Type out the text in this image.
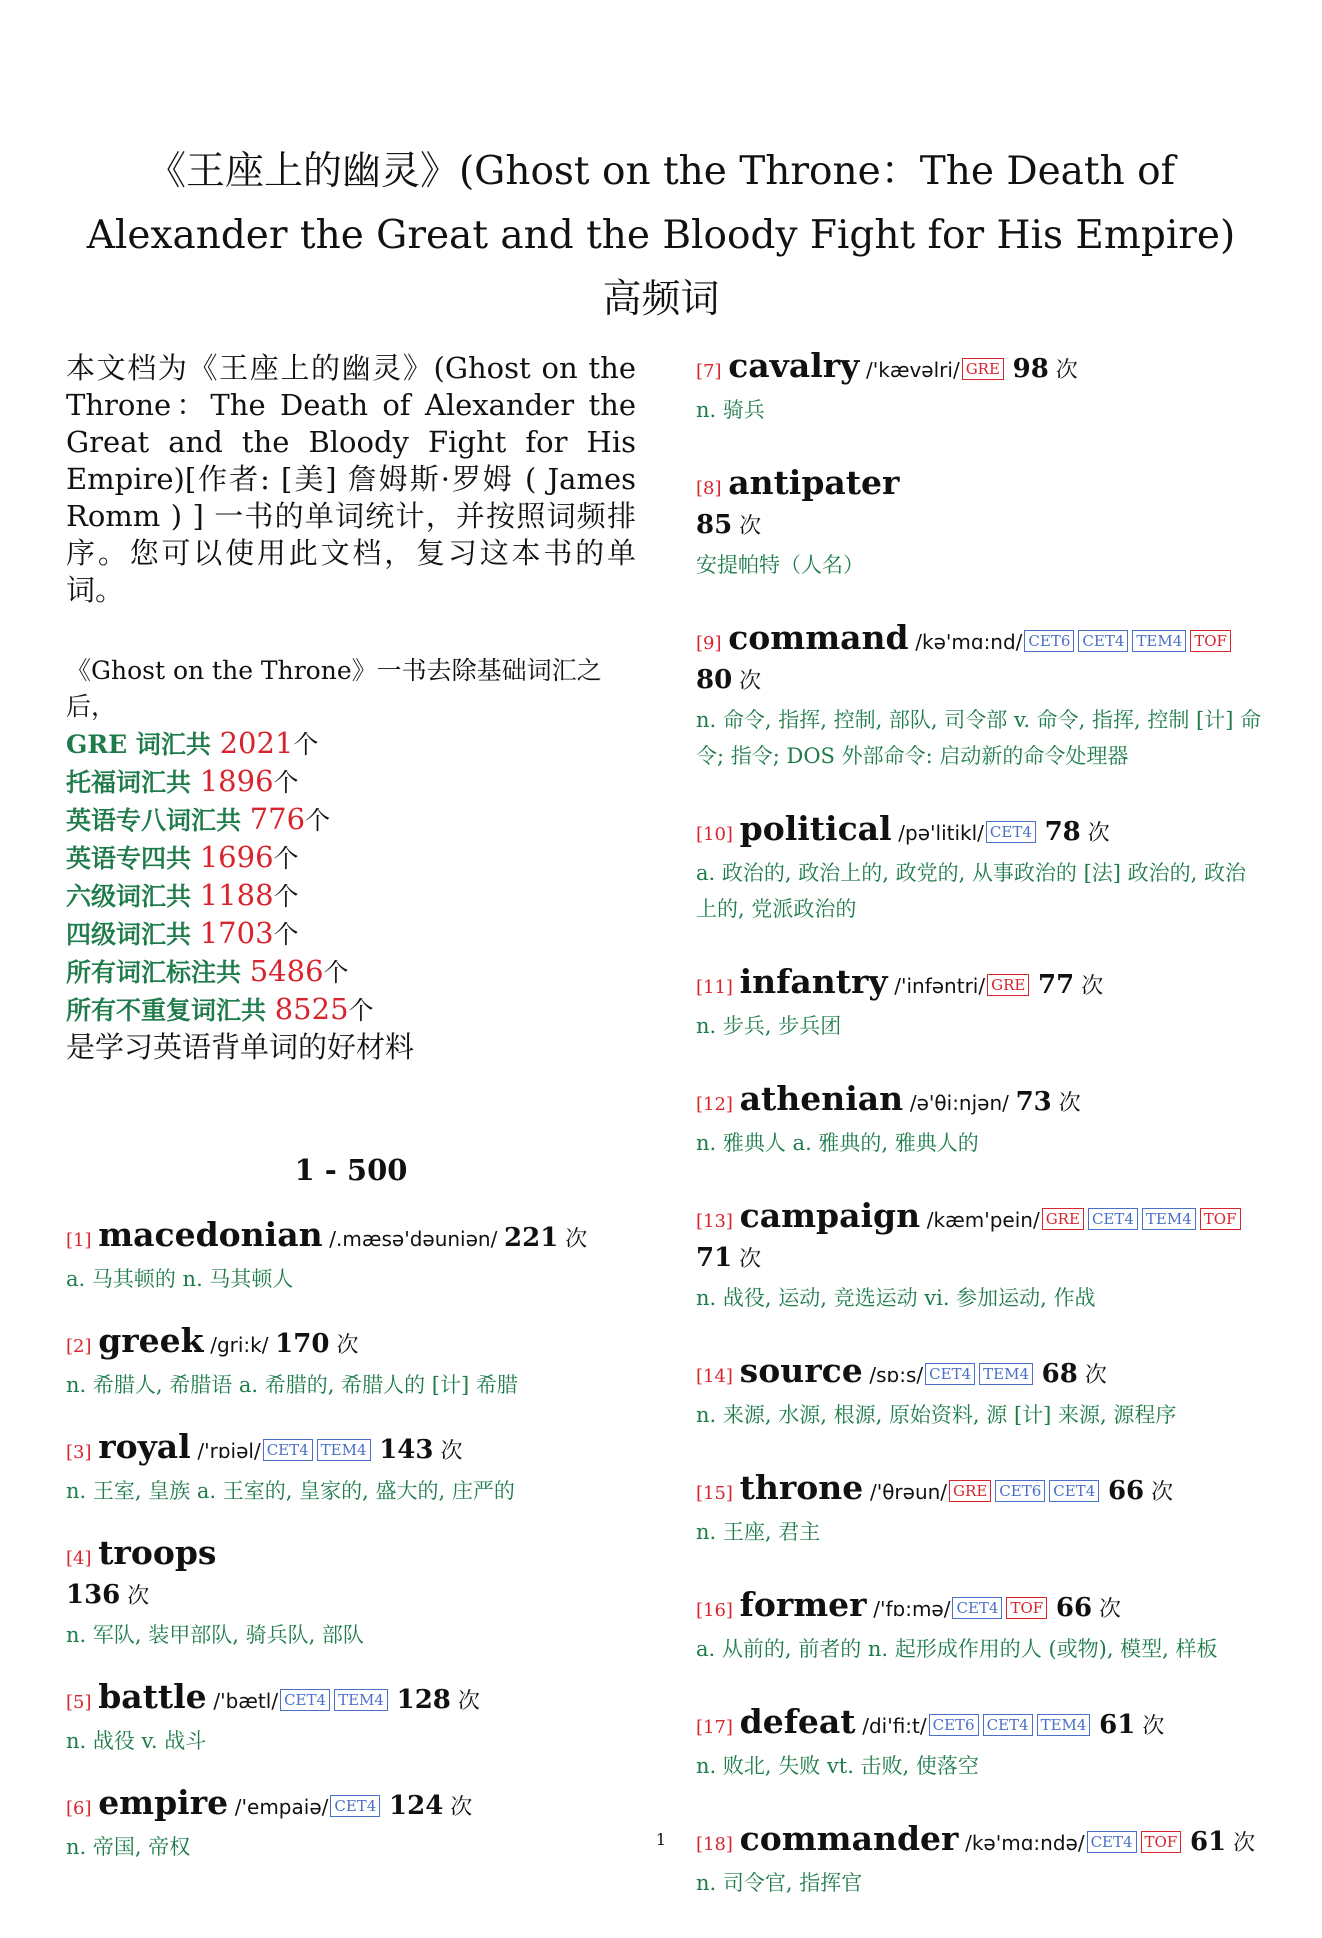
《王座上的幽灵》(Ghost on the Throne：The Death of Alexander the Great and the Bloody Fight for His Empire) 高频词
本文档为《王座上的幽灵》(Ghost on the Throne：The Death of Alexander the Great and the Bloody Fight for His Empire)[作者: [美] 詹姆斯·罗姆 ( James Romm ) ] 一书的单词统计，并按照词频排序。您可以使用此文档，复习这本书的单词。
《Ghost on the Throne》一书去除基础词汇之后，
GRE 词汇共 2021个
托福词汇共 1896个
英语专八词汇共 776个
英语专四共 1696个
六级词汇共 1188个
四级词汇共 1703个
所有词汇标注共 5486个
所有不重复词汇共 8525个
是学习英语背单词的好材料
1 - 500
[1] macedonian /.mæsə'dəuniən/ 221 次
a. 马其顿的 n. 马其顿人
[2] greek /gri:k/ 170 次
n. 希腊人, 希腊语 a. 希腊的, 希腊人的 [计] 希腊
[3] royal /'rɒiəl/ CET4 TEM4 143 次
n. 王室, 皇族 a. 王室的, 皇家的, 盛大的, 庄严的
[4] troops
136 次
n. 军队, 装甲部队, 骑兵队, 部队
[5] battle /'bætl/ CET4 TEM4 128 次
n. 战役 v. 战斗
[6] empire /'empaiə/ CET4 124 次
n. 帝国, 帝权
[7] cavalry /'kævəlri/ GRE 98 次
n. 骑兵
[8] antipater
85 次
安提帕特（人名）
[9] command /kə'mɑ:nd/ CET6 CET4 TEM4 TOF 80 次
n. 命令, 指挥, 控制, 部队, 司令部 v. 命令, 指挥, 控制 [计] 命令; 指令; DOS 外部命令: 启动新的命令处理器
[10] political /pə'litikl/ CET4 78 次
a. 政治的, 政治上的, 政党的, 从事政治的 [法] 政治的, 政治上的, 党派政治的
[11] infantry /'infəntri/ GRE 77 次
n. 步兵, 步兵团
[12] athenian /ə'θi:njən/ 73 次
n. 雅典人 a. 雅典的, 雅典人的
[13] campaign /kæm'pein/ GRE CET4 TEM4 TOF 71 次
n. 战役, 运动, 竞选运动 vi. 参加运动, 作战
[14] source /sɒ:s/ CET4 TEM4 68 次
n. 来源, 水源, 根源, 原始资料, 源 [计] 来源, 源程序
[15] throne /'θrəun/ GRE CET6 CET4 66 次
n. 王座, 君主
[16] former /'fɒ:mə/ CET4 TOF 66 次
a. 从前的, 前者的 n. 起形成作用的人 (或物), 模型, 样板
[17] defeat /di'fi:t/ CET6 CET4 TEM4 61 次
n. 败北, 失败 vt. 击败, 使落空
[18] commander /kə'mɑ:ndə/ CET4 TOF 61 次
n. 司令官, 指挥官
1
